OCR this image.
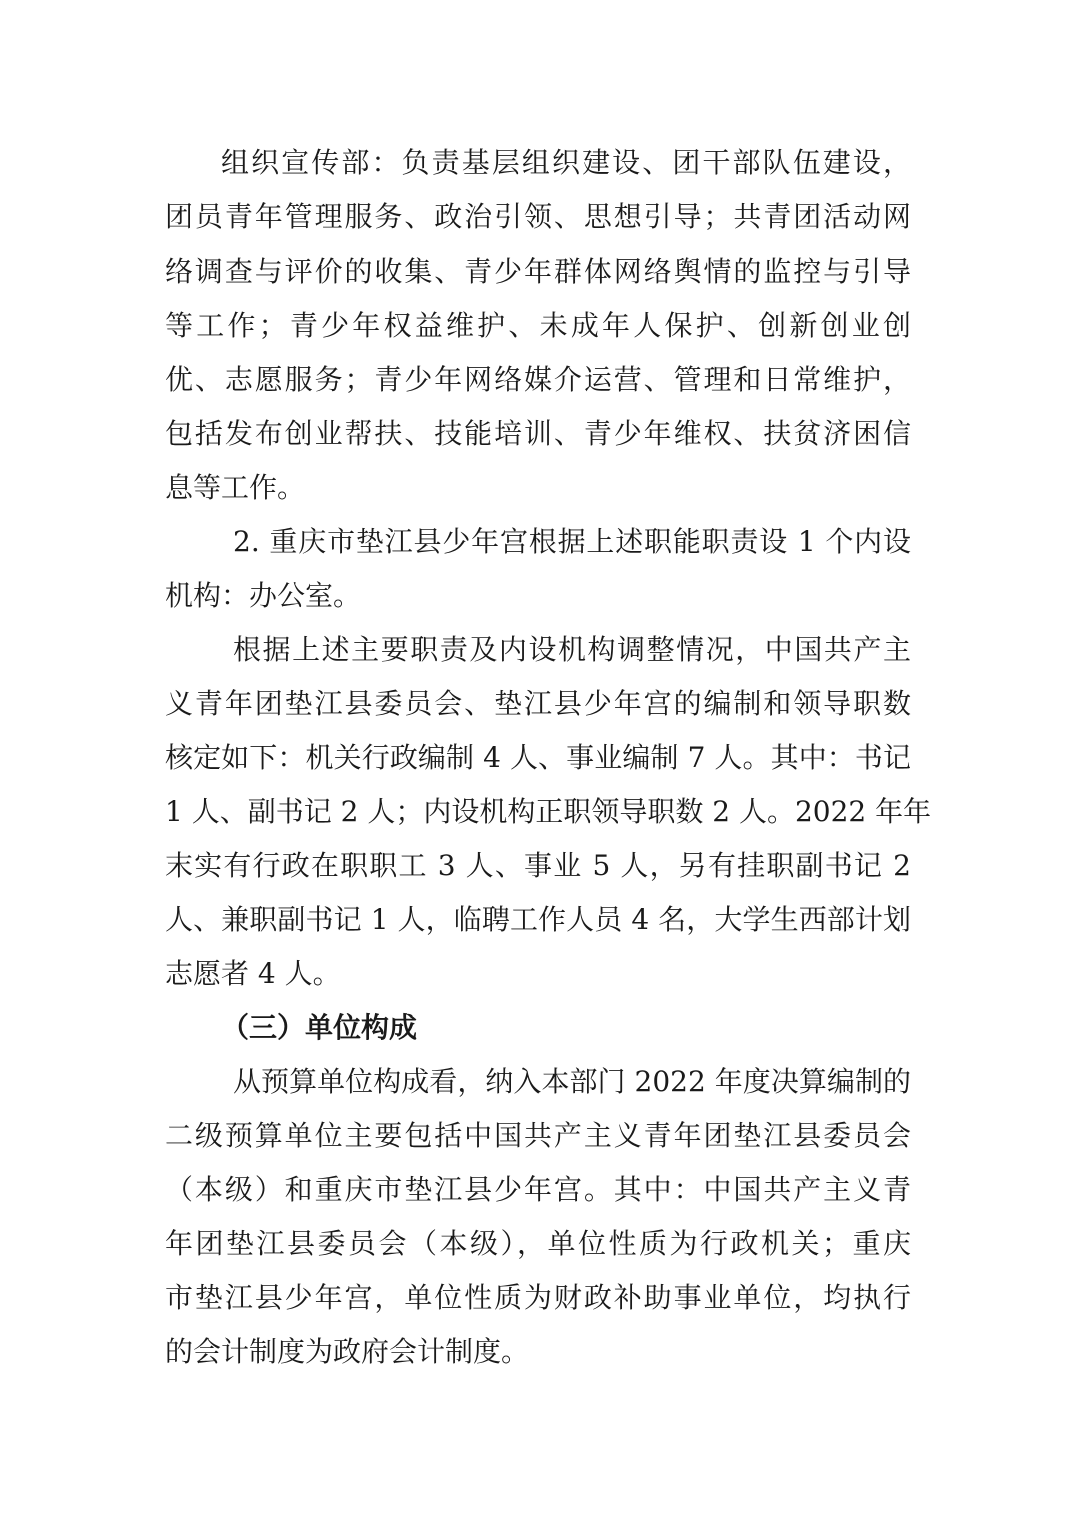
组织宣传部：负责基层组织建设、团干部队伍建设，
团员青年管理服务、政治引领、思想引导；共青团活动网
络调查与评价的收集、青少年群体网络舆情的监控与引导
等工作；青少年权益维护、未成年人保护、创新创业创
优、志愿服务；青少年网络媒介运营、管理和日常维护，
包括发布创业帮扶、技能培训、青少年维权、扶贫济困信
息等工作。
2. 重庆市垫江县少年宫根据上述职能职责设 1 个内设
机构：办公室。
根据上述主要职责及内设机构调整情况，中国共产主
义青年团垫江县委员会、垫江县少年宫的编制和领导职数
核定如下：机关行政编制 4 人、事业编制 7 人。其中：书记
1 人、副书记 2 人；内设机构正职领导职数 2 人。2022 年年
末实有行政在职职工 3 人、事业 5 人，另有挂职副书记 2
人、兼职副书记 1 人，临聘工作人员 4 名，大学生西部计划
志愿者 4 人。
（三）单位构成
从预算单位构成看，纳入本部门 2022 年度决算编制的
二级预算单位主要包括中国共产主义青年团垫江县委员会
（本级）和重庆市垫江县少年宫。其中：中国共产主义青
年团垫江县委员会（本级），单位性质为行政机关；重庆
市垫江县少年宫，单位性质为财政补助事业单位，均执行
的会计制度为政府会计制度。
